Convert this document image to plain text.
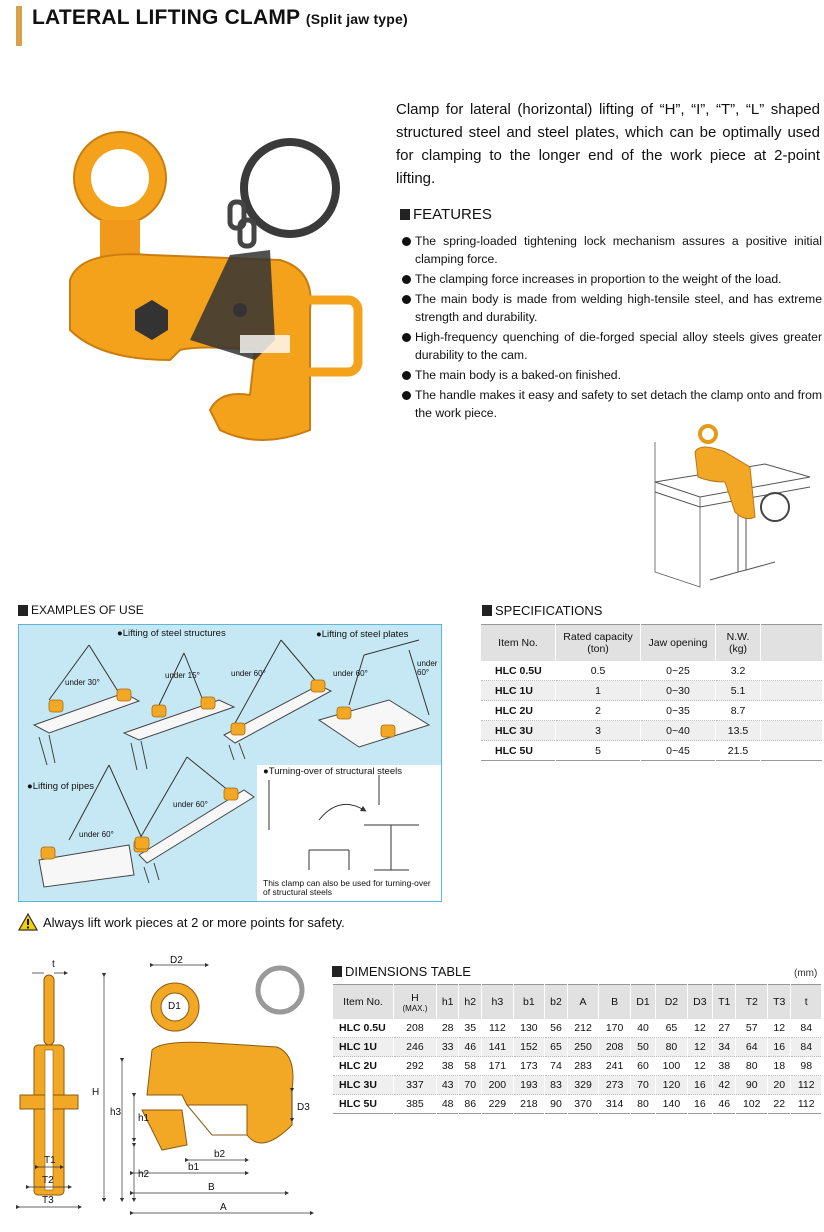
LATERAL LIFTING CLAMP (Split jaw type)
Clamp for lateral (horizontal) lifting of “H”, “I”, “T”, “L” shaped structured steel and steel plates, which can be optimally used for clamping to the longer end of the work piece at 2-point lifting.
FEATURES
The spring-loaded tightening lock mechanism assures a positive initial clamping force.
The clamping force increases in proportion to the weight of the load.
The main body is made from welding high-tensile steel, and has extreme strength and durability.
High-frequency quenching of die-forged special alloy steels gives greater durability to the cam.
The main body is a baked-on finished.
The handle makes it easy and safety to set detach the clamp onto and from the work piece.
EXAMPLES OF USE
●Lifting of steel structures	●Lifting of steel plates
●Lifting of pipes
●Turning-over of structural steels
under 30°
under 15°	under 60°	under 60°
under 60°
under 60°
under 60°
This clamp can also be used for turning-over of structural steels
SPECIFICATIONS
Item No.	Rated capacity (ton)	Jaw opening	N.W. (kg)	
HLC 0.5U	0.5	0~25	3.2	
HLC 1U	1	0~30	5.1	
HLC 2U	2	0~35	8.7	
HLC 3U	3	0~40	13.5	
HLC 5U	5	0~45	21.5	
Always lift work pieces at 2 or more points for safety.
t
T1
T2
T3
D2
D1
D3
H
h3
h1
h2
b2
b1
B
A
DIMENSIONS TABLE	(mm)
Item No.	H
(MAX.)	h1	h2	h3	b1	b2	A	B	D1	D2	D3	T1	T2	T3	t
HLC 0.5U	208	28	35	112	130	56	212	170	40	65	12	27	57	12	84
HLC 1U	246	33	46	141	152	65	250	208	50	80	12	34	64	16	84
HLC 2U	292	38	58	171	173	74	283	241	60	100	12	38	80	18	98
HLC 3U	337	43	70	200	193	83	329	273	70	120	16	42	90	20	112
HLC 5U	385	48	86	229	218	90	370	314	80	140	16	46	102	22	112
